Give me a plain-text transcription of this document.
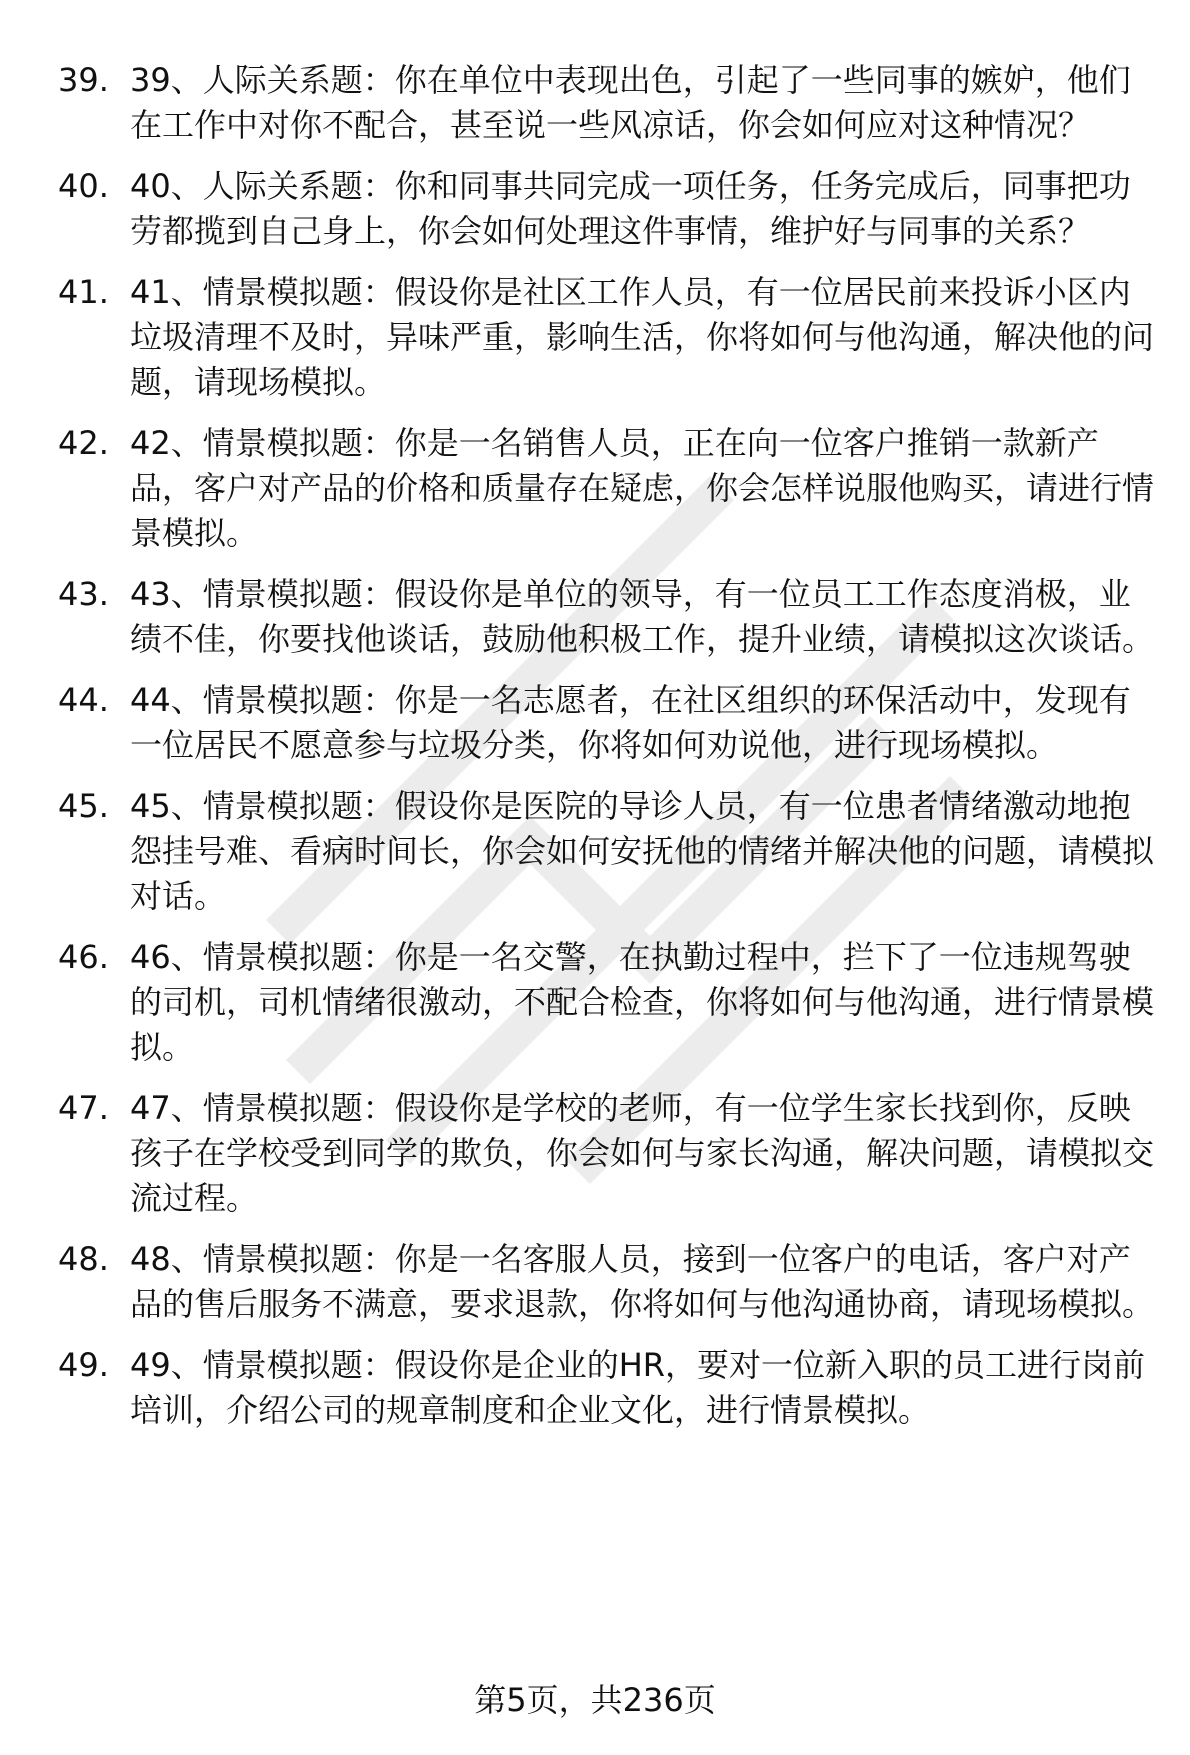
39. 39、人际关系题：你在单位中表现出色，引起了一些同事的嫉妒，他们在工作中对你不配合，甚至说一些风凉话，你会如何应对这种情况？
40. 40、人际关系题：你和同事共同完成一项任务，任务完成后，同事把功劳都揽到自己身上，你会如何处理这件事情，维护好与同事的关系？
41. 41、情景模拟题：假设你是社区工作人员，有一位居民前来投诉小区内垃圾清理不及时，异味严重，影响生活，你将如何与他沟通，解决他的问题，请现场模拟。
42. 42、情景模拟题：你是一名销售人员，正在向一位客户推销一款新产品，客户对产品的价格和质量存在疑虑，你会怎样说服他购买，请进行情景模拟。
43. 43、情景模拟题：假设你是单位的领导，有一位员工工作态度消极，业绩不佳，你要找他谈话，鼓励他积极工作，提升业绩，请模拟这次谈话。
44. 44、情景模拟题：你是一名志愿者，在社区组织的环保活动中，发现有一位居民不愿意参与垃圾分类，你将如何劝说他，进行现场模拟。
45. 45、情景模拟题：假设你是医院的导诊人员，有一位患者情绪激动地抱怨挂号难、看病时间长，你会如何安抚他的情绪并解决他的问题，请模拟对话。
46. 46、情景模拟题：你是一名交警，在执勤过程中，拦下了一位违规驾驶的司机，司机情绪很激动，不配合检查，你将如何与他沟通，进行情景模拟。
47. 47、情景模拟题：假设你是学校的老师，有一位学生家长找到你，反映孩子在学校受到同学的欺负，你会如何与家长沟通，解决问题，请模拟交流过程。
48. 48、情景模拟题：你是一名客服人员，接到一位客户的电话，客户对产品的售后服务不满意，要求退款，你将如何与他沟通协商，请现场模拟。
49. 49、情景模拟题：假设你是企业的HR，要对一位新入职的员工进行岗前培训，介绍公司的规章制度和企业文化，进行情景模拟。
第5页，共236页
